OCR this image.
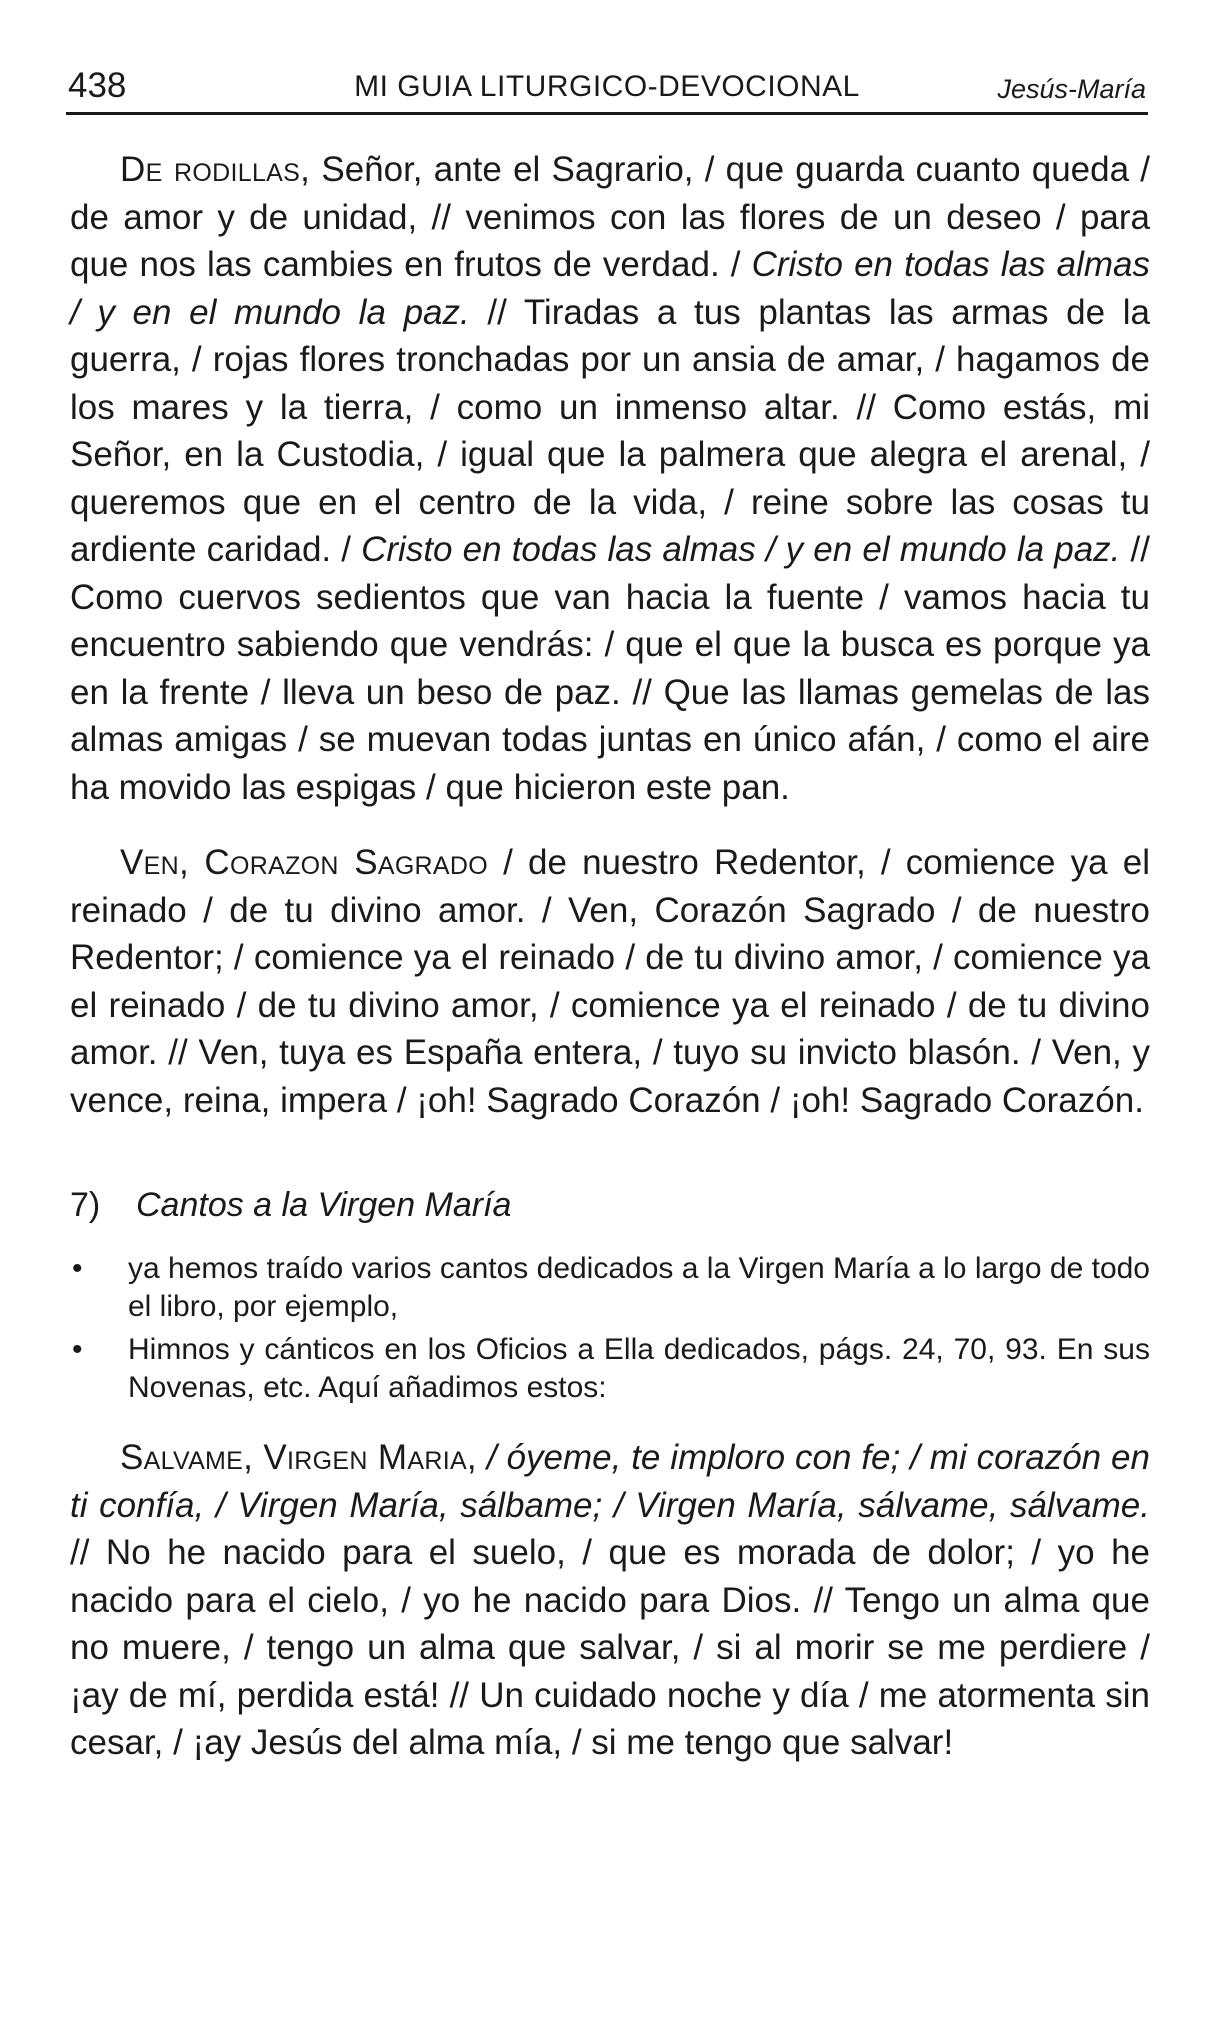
438	MI GUIA LITURGICO-DEVOCIONAL	Jesús-María

De rodillas, Señor, ante el Sagrario, / que guarda cuanto queda / de amor y de unidad, // venimos con las flores de un deseo / para que nos las cambies en frutos de verdad. / Cristo en todas las almas / y en el mundo la paz. // Tiradas a tus plantas las armas de la guerra, / rojas flores tronchadas por un ansia de amar, / hagamos de los mares y la tierra, / como un inmenso altar. // Como estás, mi Señor, en la Custodia, / igual que la palmera que alegra el arenal, / queremos que en el centro de la vida, / reine sobre las cosas tu ardiente caridad. / Cristo en todas las almas / y en el mundo la paz. // Como cuervos sedientos que van hacia la fuente / vamos hacia tu encuentro sabiendo que vendrás: / que el que la busca es porque ya en la frente / lleva un beso de paz. // Que las llamas gemelas de las almas amigas / se muevan todas juntas en único afán, / como el aire ha movido las espigas / que hicieron este pan.

Ven, Corazon Sagrado / de nuestro Redentor, / comience ya el reinado / de tu divino amor. / Ven, Corazón Sagrado / de nuestro Redentor; / comience ya el reinado / de tu divino amor, / comience ya el reinado / de tu divino amor, / comience ya el reinado / de tu divino amor. // Ven, tuya es España entera, / tuyo su invicto blasón. / Ven, y vence, reina, impera / ¡oh! Sagrado Corazón / ¡oh! Sagrado Corazón.

7) Cantos a la Virgen María
• ya hemos traído varios cantos dedicados a la Virgen María a lo largo de todo el libro, por ejemplo,
• Himnos y cánticos en los Oficios a Ella dedicados, págs. 24, 70, 93. En sus Novenas, etc. Aquí añadimos estos:

Salvame, Virgen Maria, / óyeme, te imploro con fe; / mi corazón en ti confía, / Virgen María, sálbame; / Virgen María, sálvame, sálvame. // No he nacido para el suelo, / que es morada de dolor; / yo he nacido para el cielo, / yo he nacido para Dios. // Tengo un alma que no muere, / tengo un alma que salvar, / si al morir se me perdiere / ¡ay de mí, perdida está! // Un cuidado noche y día / me atormenta sin cesar, / ¡ay Jesús del alma mía, / si me tengo que salvar!
